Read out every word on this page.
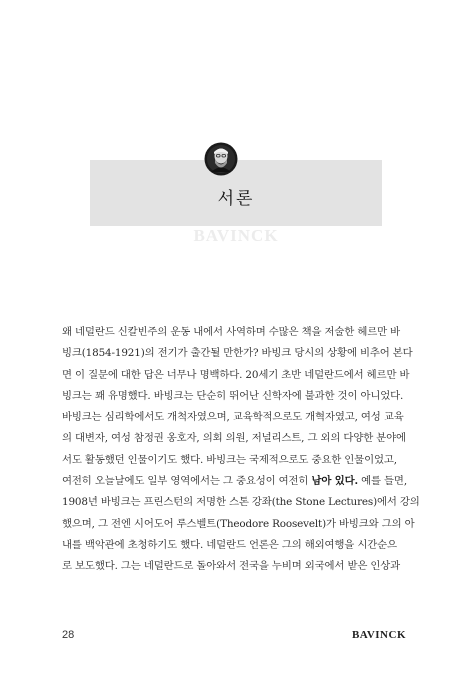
서론
BAVINCK
왜 네덜란드 신칼빈주의 운동 내에서 사역하며 수많은 책을 저술한 헤르만 바
빙크(1854-1921)의 전기가 출간될 만한가? 바빙크 당시의 상황에 비추어 본다
면 이 질문에 대한 답은 너무나 명백하다. 20세기 초반 네덜란드에서 헤르만 바
빙크는 꽤 유명했다. 바빙크는 단순히 뛰어난 신학자에 불과한 것이 아니었다.
바빙크는 심리학에서도 개척자였으며, 교육학적으로도 개혁자였고, 여성 교육
의 대변자, 여성 참정권 옹호자, 의회 의원, 저널리스트, 그 외의 다양한 분야에
서도 활동했던 인물이기도 했다. 바빙크는 국제적으로도 중요한 인물이었고,
여전히 오늘날에도 일부 영역에서는 그 중요성이 여전히 남아 있다. 예를 들면,
1908년 바빙크는 프린스턴의 저명한 스톤 강좌(the Stone Lectures)에서 강의
했으며, 그 전엔 시어도어 루스벨트(Theodore Roosevelt)가 바빙크와 그의 아
내를 백악관에 초청하기도 했다. 네덜란드 언론은 그의 해외여행을 시간순으
로 보도했다. 그는 네덜란드로 돌아와서 전국을 누비며 외국에서 받은 인상과
28	BAVINCK
